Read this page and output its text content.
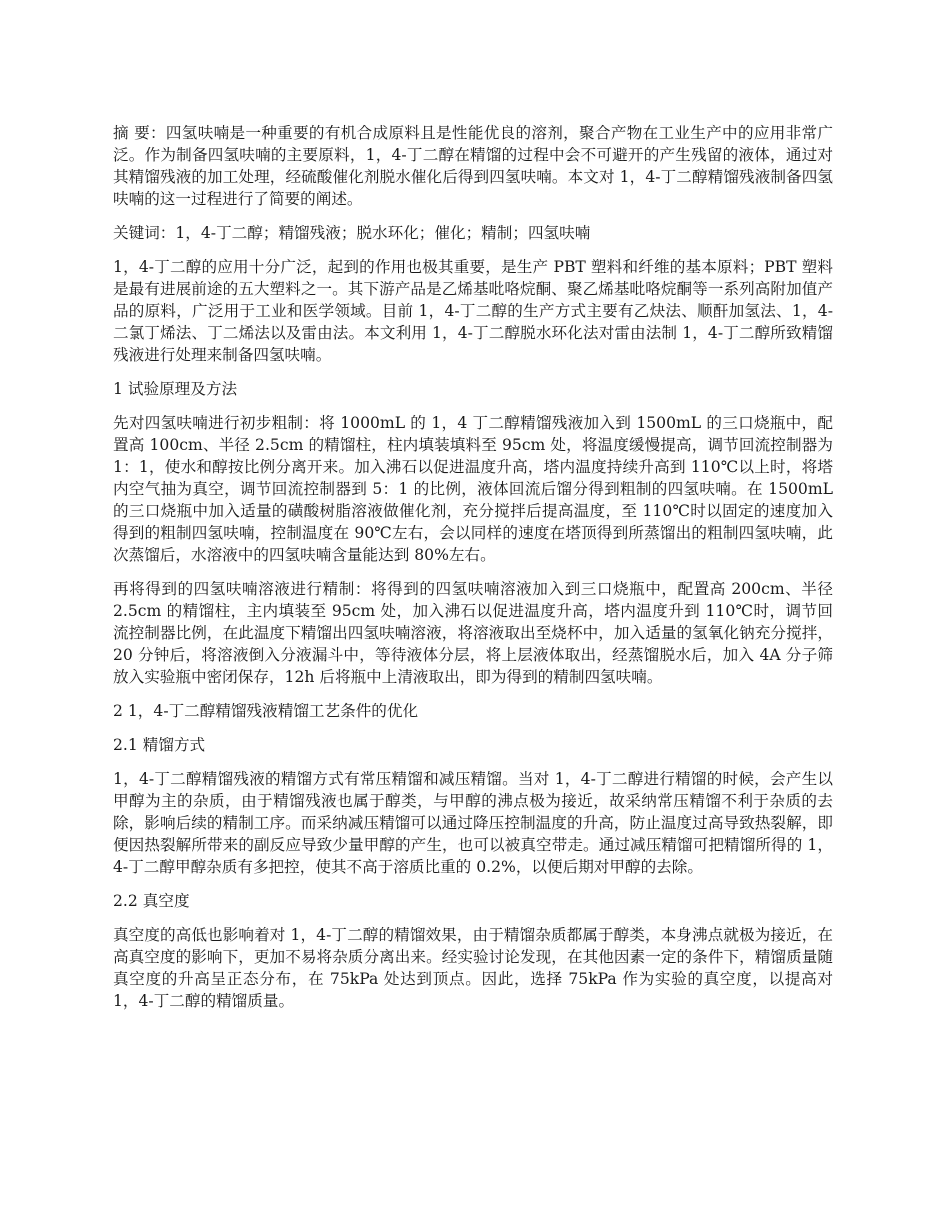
摘 要：四氢呋喃是一种重要的有机合成原料且是性能优良的溶剂，聚合产物在工业生产中的应用非常广泛。作为制备四氢呋喃的主要原料，1，4-丁二醇在精馏的过程中会不可避开的产生残留的液体，通过对其精馏残液的加工处理，经硫酸催化剂脱水催化后得到四氢呋喃。本文对 1，4-丁二醇精馏残液制备四氢呋喃的这一过程进行了简要的阐述。

关键词：1，4-丁二醇；精馏残液；脱水环化；催化；精制；四氢呋喃

1，4-丁二醇的应用十分广泛，起到的作用也极其重要，是生产 PBT 塑料和纤维的基本原料；PBT 塑料是最有进展前途的五大塑料之一。其下游产品是乙烯基吡咯烷酮、聚乙烯基吡咯烷酮等一系列高附加值产品的原料，广泛用于工业和医学领域。目前 1，4-丁二醇的生产方式主要有乙炔法、顺酐加氢法、1，4-二氯丁烯法、丁二烯法以及雷由法。本文利用 1，4-丁二醇脱水环化法对雷由法制 1，4-丁二醇所致精馏残液进行处理来制备四氢呋喃。

1 试验原理及方法

先对四氢呋喃进行初步粗制：将 1000mL 的 1，4 丁二醇精馏残液加入到 1500mL 的三口烧瓶中，配置高 100cm、半径 2.5cm 的精馏柱，柱内填装填料至 95cm 处，将温度缓慢提高，调节回流控制器为 1：1，使水和醇按比例分离开来。加入沸石以促进温度升高，塔内温度持续升高到 110℃以上时，将塔内空气抽为真空，调节回流控制器到 5：1 的比例，液体回流后馏分得到粗制的四氢呋喃。在 1500mL 的三口烧瓶中加入适量的磺酸树脂溶液做催化剂，充分搅拌后提高温度，至 110℃时以固定的速度加入得到的粗制四氢呋喃，控制温度在 90℃左右，会以同样的速度在塔顶得到所蒸馏出的粗制四氢呋喃，此次蒸馏后，水溶液中的四氢呋喃含量能达到 80%左右。

再将得到的四氢呋喃溶液进行精制：将得到的四氢呋喃溶液加入到三口烧瓶中，配置高 200cm、半径 2.5cm 的精馏柱，主内填装至 95cm 处，加入沸石以促进温度升高，塔内温度升到 110℃时，调节回流控制器比例，在此温度下精馏出四氢呋喃溶液，将溶液取出至烧杯中，加入适量的氢氧化钠充分搅拌，20 分钟后，将溶液倒入分液漏斗中，等待液体分层，将上层液体取出，经蒸馏脱水后，加入 4A 分子筛放入实验瓶中密闭保存，12h 后将瓶中上清液取出，即为得到的精制四氢呋喃。

2 1，4-丁二醇精馏残液精馏工艺条件的优化

2.1 精馏方式

1，4-丁二醇精馏残液的精馏方式有常压精馏和减压精馏。当对 1，4-丁二醇进行精馏的时候，会产生以甲醇为主的杂质，由于精馏残液也属于醇类，与甲醇的沸点极为接近，故采纳常压精馏不利于杂质的去除，影响后续的精制工序。而采纳减压精馏可以通过降压控制温度的升高，防止温度过高导致热裂解，即便因热裂解所带来的副反应导致少量甲醇的产生，也可以被真空带走。通过减压精馏可把精馏所得的 1，4-丁二醇甲醇杂质有多把控，使其不高于溶质比重的 0.2%，以便后期对甲醇的去除。

2.2 真空度

真空度的高低也影响着对 1，4-丁二醇的精馏效果，由于精馏杂质都属于醇类，本身沸点就极为接近，在高真空度的影响下，更加不易将杂质分离出来。经实验讨论发现，在其他因素一定的条件下，精馏质量随真空度的升高呈正态分布，在 75kPa 处达到顶点。因此，选择 75kPa 作为实验的真空度，以提高对 1，4-丁二醇的精馏质量。
